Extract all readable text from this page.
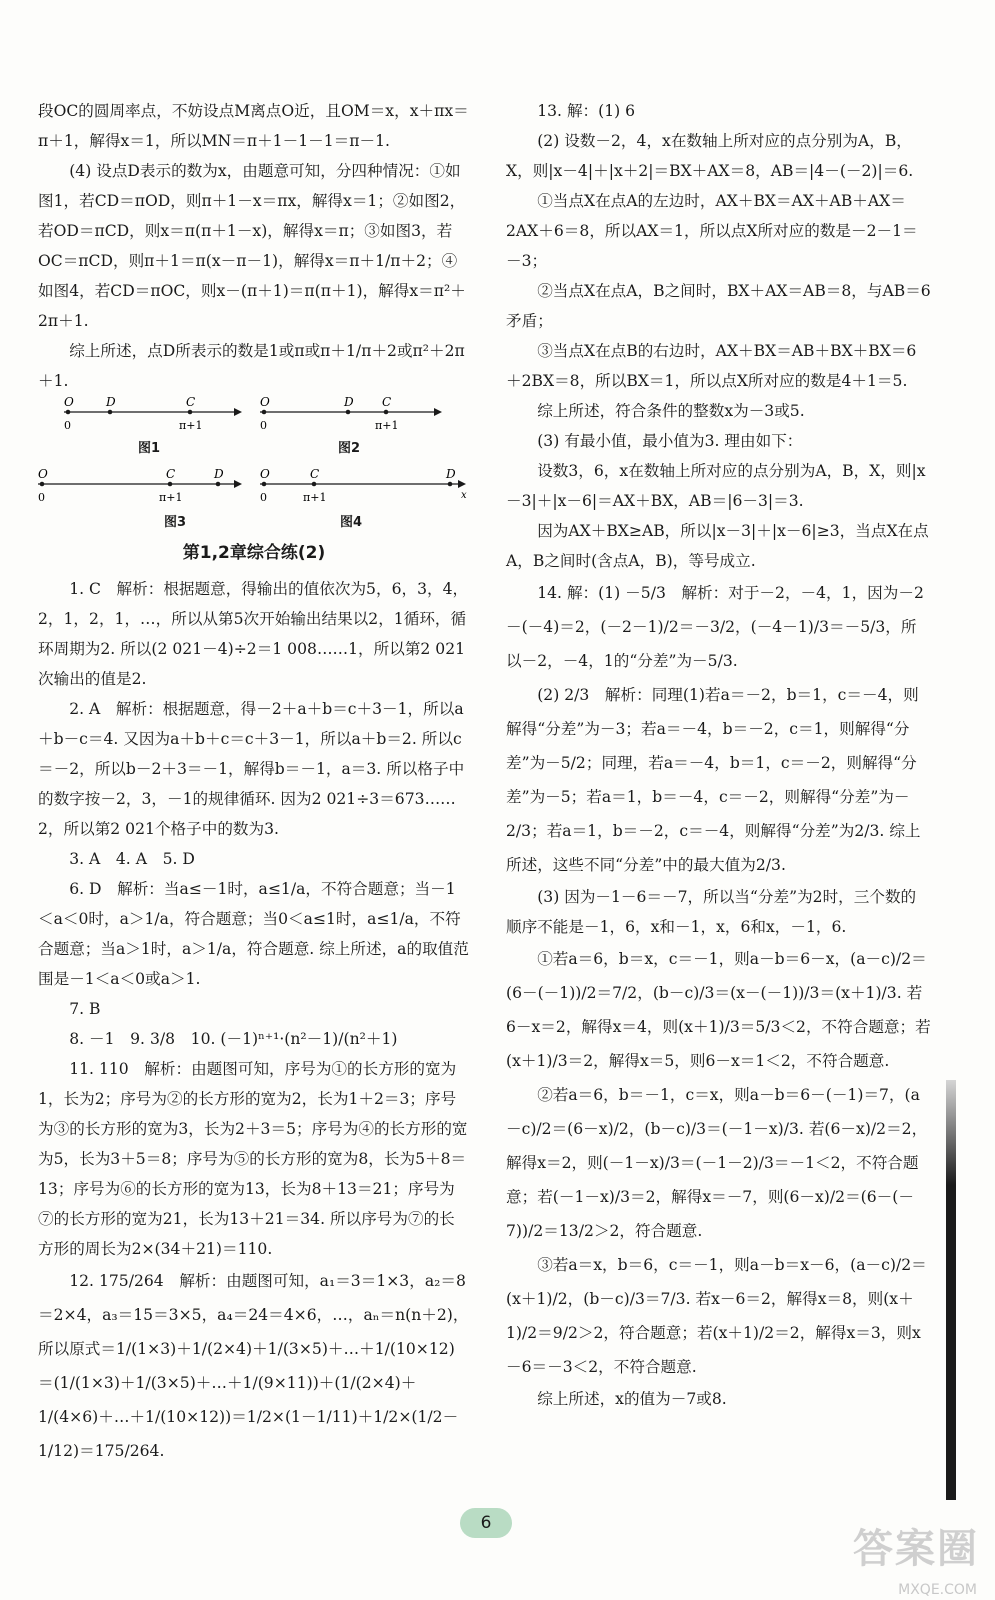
段OC的圆周率点，不妨设点M离点O近，且OM＝x，x＋πx＝π＋1，解得x＝1，所以MN＝π＋1－1－1＝π－1.

(4) 设点D表示的数为x，由题意可知，分四种情况：①如图1，若CD＝πOD，则π＋1－x＝πx，解得x＝1；②如图2，若OD＝πCD，则x＝π(π＋1－x)，解得x＝π；③如图3，若OC＝πCD，则π＋1＝π(x－π－1)，解得x＝π＋1/π＋2；④如图4，若CD＝πOC，则x－(π＋1)＝π(π＋1)，解得x＝π²＋2π＋1.

综上所述，点D所表示的数是1或π或π＋1/π＋2或π²＋2π＋1.

O
0
D	C
π+1
O
0
D C
π+1
图1	图2
O
0
C
π+1
D	O
0
C
π+1
D
x
图3	图4
第1,2章综合练(2)

1. C　解析：根据题意，得输出的值依次为5，6，3，4，2，1，2，1，…，所以从第5次开始输出结果以2，1循环，循环周期为2. 所以(2 021－4)÷2＝1 008……1，所以第2 021次输出的值是2.

2. A　解析：根据题意，得－2＋a＋b＝c＋3－1，所以a＋b－c＝4. 又因为a＋b＋c＝c＋3－1，所以a＋b＝2. 所以c＝－2，所以b－2＋3＝－1，解得b＝－1，a＝3. 所以格子中的数字按－2，3，－1的规律循环. 因为2 021÷3＝673……2，所以第2 021个格子中的数为3.

3. A　4. A　5. D

6. D　解析：当a≤－1时，a≤1/a，不符合题意；当－1＜a＜0时，a＞1/a，符合题意；当0＜a≤1时，a≤1/a，不符合题意；当a＞1时，a＞1/a，符合题意. 综上所述，a的取值范围是－1＜a＜0或a＞1.

7. B

8. －1　9. 3/8　10. (－1)ⁿ⁺¹·(n²－1)/(n²＋1)

11. 110　解析：由题图可知，序号为①的长方形的宽为1，长为2；序号为②的长方形的宽为2，长为1＋2＝3；序号为③的长方形的宽为3，长为2＋3＝5；序号为④的长方形的宽为5，长为3＋5＝8；序号为⑤的长方形的宽为8，长为5＋8＝13；序号为⑥的长方形的宽为13，长为8＋13＝21；序号为⑦的长方形的宽为21，长为13＋21＝34. 所以序号为⑦的长方形的周长为2×(34＋21)＝110.

12. 175/264　解析：由题图可知，a₁＝3＝1×3，a₂＝8＝2×4，a₃＝15＝3×5，a₄＝24＝4×6，…，aₙ＝n(n＋2)，所以原式＝1/(1×3)＋1/(2×4)＋1/(3×5)＋…＋1/(10×12)＝(1/(1×3)＋1/(3×5)＋…＋1/(9×11))＋(1/(2×4)＋1/(4×6)＋…＋1/(10×12))＝1/2×(1－1/11)＋1/2×(1/2－1/12)＝175/264.

13. 解：(1) 6

(2) 设数－2，4，x在数轴上所对应的点分别为A，B，X，则|x－4|＋|x＋2|＝BX＋AX＝8，AB＝|4－(－2)|＝6.

①当点X在点A的左边时，AX＋BX＝AX＋AB＋AX＝2AX＋6＝8，所以AX＝1，所以点X所对应的数是－2－1＝－3；

②当点X在点A，B之间时，BX＋AX＝AB＝8，与AB＝6矛盾；

③当点X在点B的右边时，AX＋BX＝AB＋BX＋BX＝6＋2BX＝8，所以BX＝1，所以点X所对应的数是4＋1＝5.

综上所述，符合条件的整数x为－3或5.

(3) 有最小值，最小值为3. 理由如下：

设数3，6，x在数轴上所对应的点分别为A，B，X，则|x－3|＋|x－6|＝AX＋BX，AB＝|6－3|＝3.

因为AX＋BX≥AB，所以|x－3|＋|x－6|≥3，当点X在点A，B之间时(含点A，B)，等号成立.

14. 解：(1) －5/3　解析：对于－2，－4，1，因为－2－(－4)＝2，(－2－1)/2＝－3/2，(－4－1)/3＝－5/3，所以－2，－4，1的“分差”为－5/3.

(2) 2/3　解析：同理(1)若a＝－2，b＝1，c＝－4，则解得“分差”为－3；若a＝－4，b＝－2，c＝1，则解得“分差”为－5/2；同理，若a＝－4，b＝1，c＝－2，则解得“分差”为－5；若a＝1，b＝－4，c＝－2，则解得“分差”为－2/3；若a＝1，b＝－2，c＝－4，则解得“分差”为2/3. 综上所述，这些不同“分差”中的最大值为2/3.

(3) 因为－1－6＝－7，所以当“分差”为2时，三个数的顺序不能是－1，6，x和－1，x，6和x，－1，6.

①若a＝6，b＝x，c＝－1，则a－b＝6－x，(a－c)/2＝(6－(－1))/2＝7/2，(b－c)/3＝(x－(－1))/3＝(x＋1)/3. 若6－x＝2，解得x＝4，则(x＋1)/3＝5/3＜2，不符合题意；若(x＋1)/3＝2，解得x＝5，则6－x＝1＜2，不符合题意.

②若a＝6，b＝－1，c＝x，则a－b＝6－(－1)＝7，(a－c)/2＝(6－x)/2，(b－c)/3＝(－1－x)/3. 若(6－x)/2＝2，解得x＝2，则(－1－x)/3＝(－1－2)/3＝－1＜2，不符合题意；若(－1－x)/3＝2，解得x＝－7，则(6－x)/2＝(6－(－7))/2＝13/2＞2，符合题意.

③若a＝x，b＝6，c＝－1，则a－b＝x－6，(a－c)/2＝(x＋1)/2，(b－c)/3＝7/3. 若x－6＝2，解得x＝8，则(x＋1)/2＝9/2＞2，符合题意；若(x＋1)/2＝2，解得x＝3，则x－6＝－3＜2，不符合题意.

综上所述，x的值为－7或8.

6
答案圈
MXQE.COM
